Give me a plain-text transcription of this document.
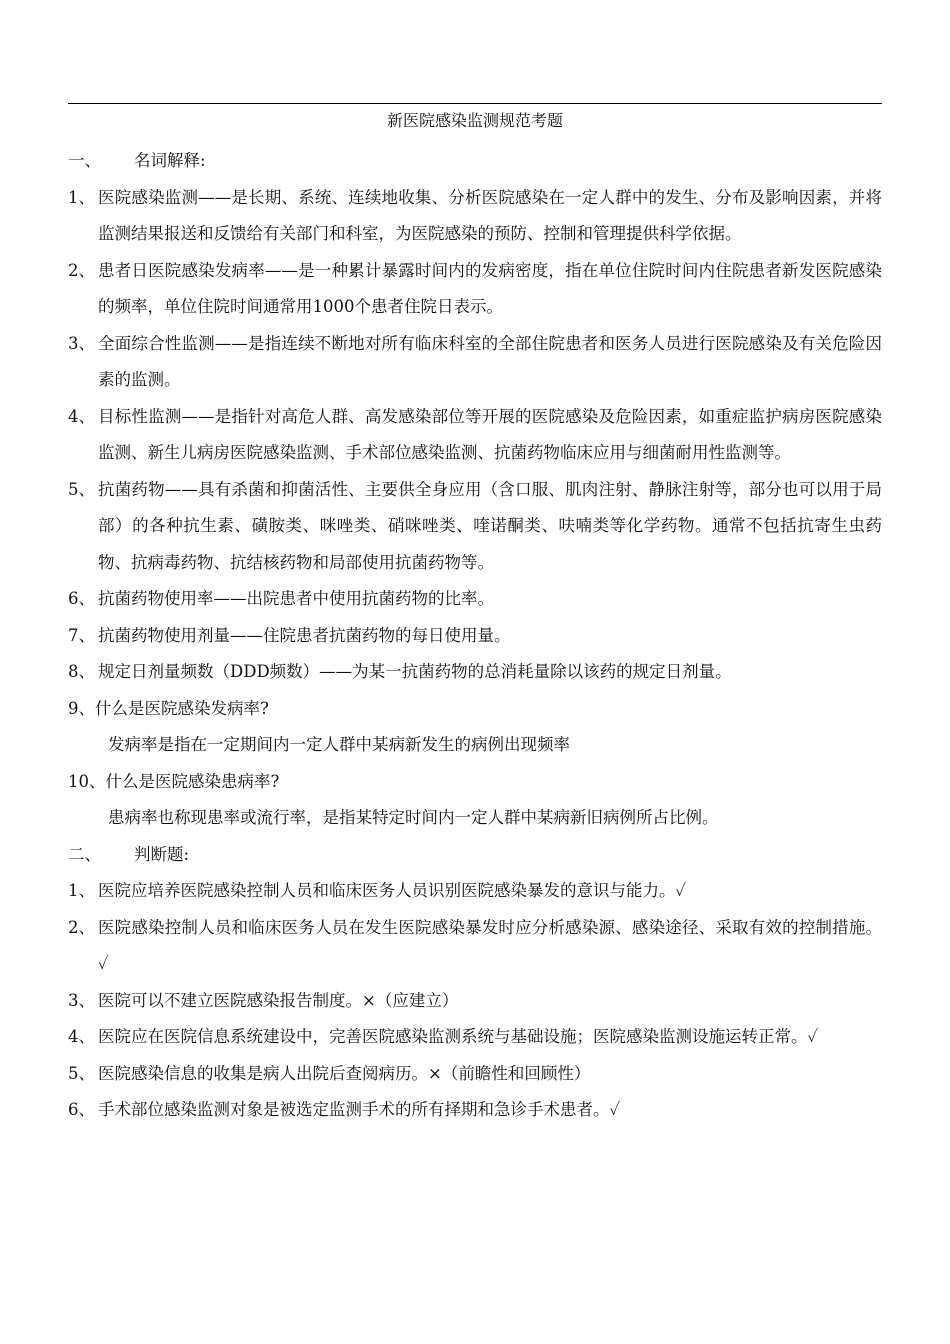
新医院感染监测规范考题
一、 名词解释:
1、 医院感染监测——是长期、系统、连续地收集、分析医院感染在一定人群中的发生、分布及影响因素，并将监测结果报送和反馈给有关部门和科室，为医院感染的预防、控制和管理提供科学依据。
2、 患者日医院感染发病率——是一种累计暴露时间内的发病密度，指在单位住院时间内住院患者新发医院感染的频率，单位住院时间通常用1000个患者住院日表示。
3、 全面综合性监测——是指连续不断地对所有临床科室的全部住院患者和医务人员进行医院感染及有关危险因素的监测。
4、 目标性监测——是指针对高危人群、高发感染部位等开展的医院感染及危险因素，如重症监护病房医院感染监测、新生儿病房医院感染监测、手术部位感染监测、抗菌药物临床应用与细菌耐用性监测等。
5、 抗菌药物——具有杀菌和抑菌活性、主要供全身应用（含口服、肌肉注射、静脉注射等，部分也可以用于局部）的各种抗生素、磺胺类、咪唑类、硝咪唑类、喹诺酮类、呋喃类等化学药物。通常不包括抗寄生虫药物、抗病毒药物、抗结核药物和局部使用抗菌药物等。
6、 抗菌药物使用率——出院患者中使用抗菌药物的比率。
7、 抗菌药物使用剂量——住院患者抗菌药物的每日使用量。
8、 规定日剂量频数（DDD频数）——为某一抗菌药物的总消耗量除以该药的规定日剂量。
9、什么是医院感染发病率?
发病率是指在一定期间内一定人群中某病新发生的病例出现频率
10、什么是医院感染患病率?
患病率也称现患率或流行率，是指某特定时间内一定人群中某病新旧病例所占比例。
二、 判断题:
1、 医院应培养医院感染控制人员和临床医务人员识别医院感染暴发的意识与能力。✓
2、 医院感染控制人员和临床医务人员在发生医院感染暴发时应分析感染源、感染途径、采取有效的控制措施。✓
3、 医院可以不建立医院感染报告制度。×（应建立）
4、 医院应在医院信息系统建设中，完善医院感染监测系统与基础设施；医院感染监测设施运转正常。✓
5、 医院感染信息的收集是病人出院后查阅病历。×（前瞻性和回顾性）
6、 手术部位感染监测对象是被选定监测手术的所有择期和急诊手术患者。✓
